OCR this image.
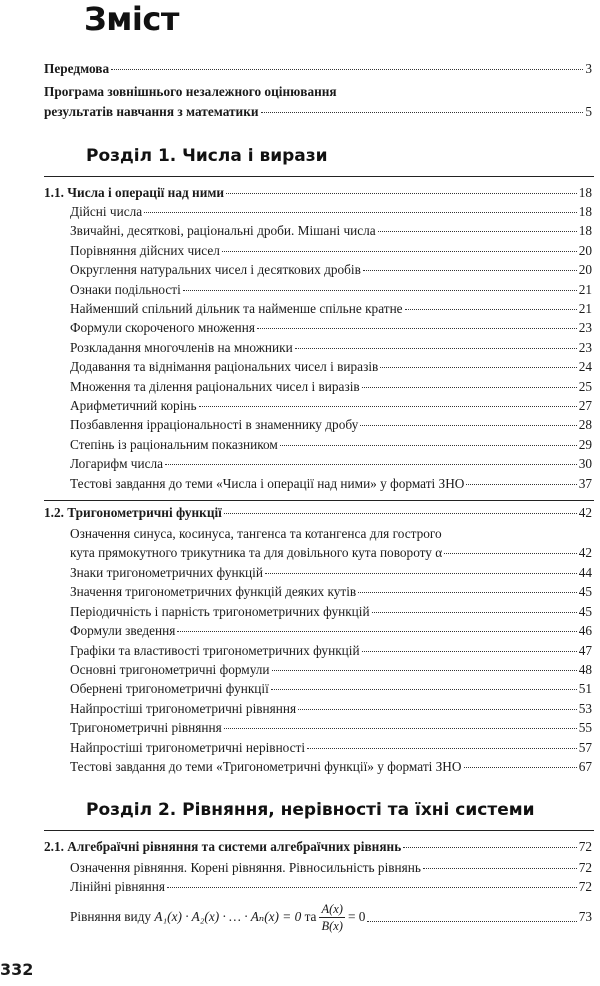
Зміст
Передмова	3
Програма зовнішнього незалежного оцінювання
результатів навчання з математики	5
Розділ 1. Числа і вирази
1.1. Числа і операції над ними	18
Дійсні числа	18
Звичайні, десяткові, раціональні дроби. Мішані числа	18
Порівняння дійсних чисел	20
Округлення натуральних чисел і десяткових дробів	20
Ознаки подільності	21
Найменший спільний дільник та найменше спільне кратне	21
Формули скороченого множення	23
Розкладання многочленів на множники	23
Додавання та віднімання раціональних чисел і виразів	24
Множення та ділення раціональних чисел і виразів	25
Арифметичний корінь	27
Позбавлення ірраціональності в знаменнику дробу	28
Степінь із раціональним показником	29
Логарифм числа	30
Тестові завдання до теми «Числа і операції над ними» у форматі ЗНО	37
1.2. Тригонометричні функції	42
Означення синуса, косинуса, тангенса та котангенса для гострого
кута прямокутного трикутника та для довільного кута повороту α	42
Знаки тригонометричних функцій	44
Значення тригонометричних функцій деяких кутів	45
Періодичність і парність тригонометричних функцій	45
Формули зведення	46
Графіки та властивості тригонометричних функцій	47
Основні тригонометричні формули	48
Обернені тригонометричні функції	51
Найпростіші тригонометричні рівняння	53
Тригонометричні рівняння	55
Найпростіші тригонометричні нерівності	57
Тестові завдання до теми «Тригонометричні функції» у форматі ЗНО	67
Розділ 2. Рівняння, нерівності та їхні системи
2.1. Алгебраїчні рівняння та системи алгебраїчних рівнянь	72
Означення рівняння. Корені рівняння. Рівносильність рівнянь	72
Лінійні рівняння	72
Рівняння виду
A₁(x) · A₂(x) · … · Aₙ(x) = 0
та $\frac{A(x)}{B(x)} = 0$	73
332
